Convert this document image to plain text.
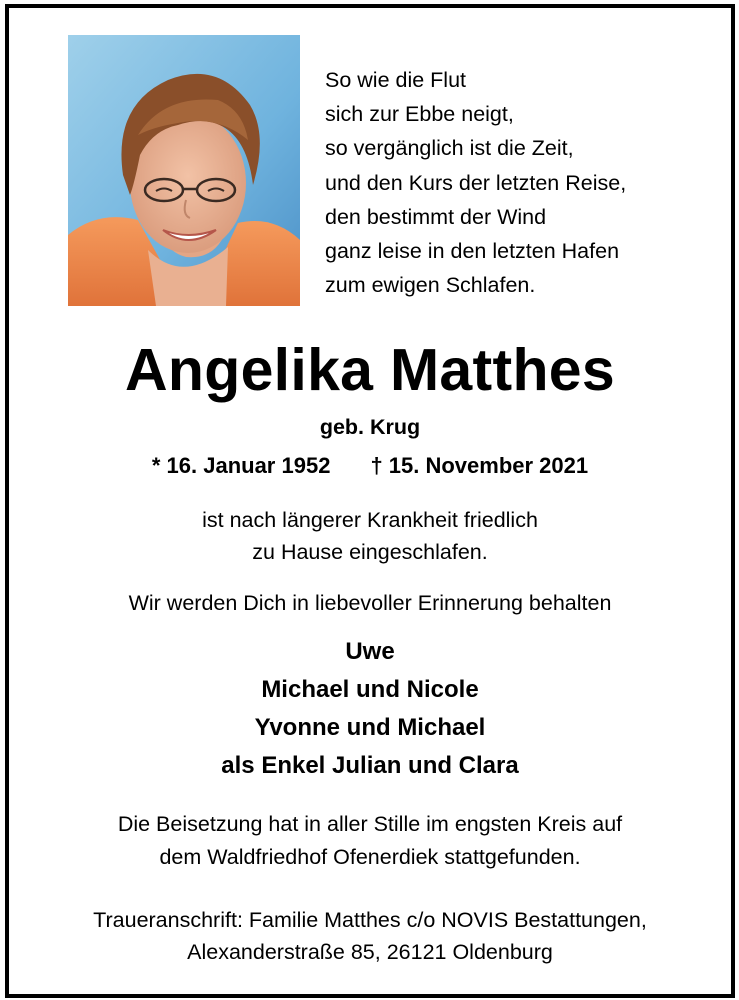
So wie die Flut
sich zur Ebbe neigt,
so vergänglich ist die Zeit,
und den Kurs der letzten Reise,
den bestimmt der Wind
ganz leise in den letzten Hafen
zum ewigen Schlafen.
Angelika Matthes
geb. Krug
* 16. Januar 1952 † 15. November 2021
ist nach längerer Krankheit friedlich
zu Hause eingeschlafen.
Wir werden Dich in liebevoller Erinnerung behalten
Uwe
Michael und Nicole
Yvonne und Michael
als Enkel Julian und Clara
Die Beisetzung hat in aller Stille im engsten Kreis auf
dem Waldfriedhof Ofenerdiek stattgefunden.
Traueranschrift: Familie Matthes c/o NOVIS Bestattungen,
Alexanderstraße 85, 26121 Oldenburg
